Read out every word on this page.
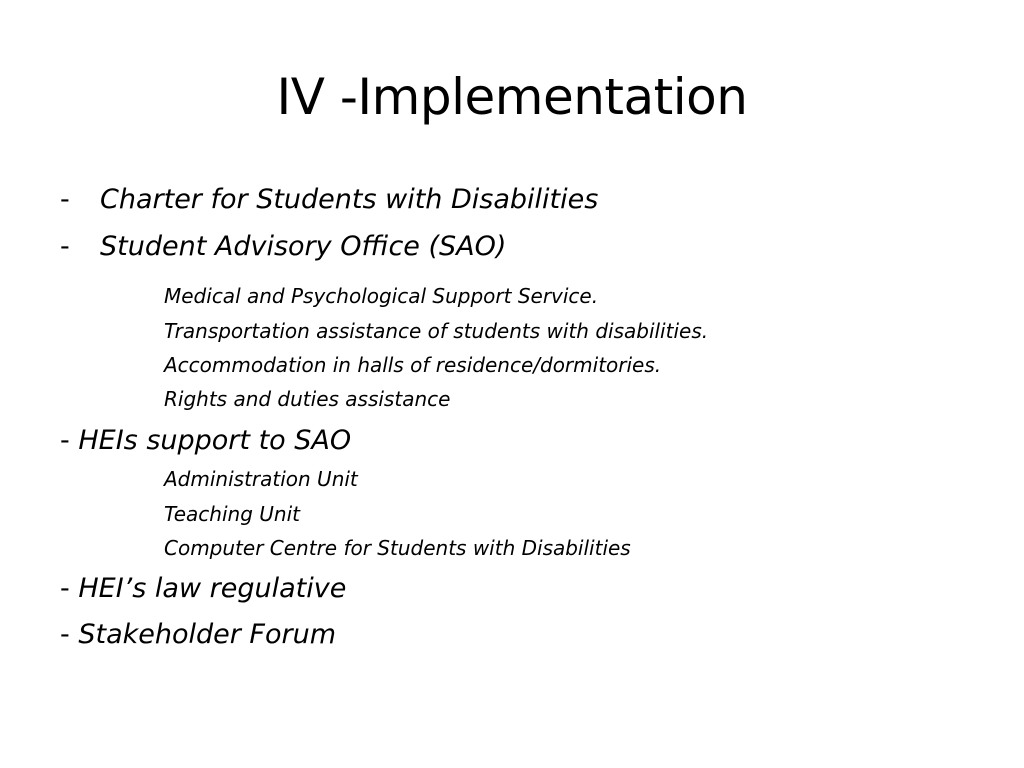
IV -Implementation
- Charter for Students with Disabilities
- Student Advisory Office (SAO)
Medical and Psychological Support Service.
Transportation assistance of students with disabilities.
Accommodation in halls of residence/dormitories.
Rights and duties assistance
- HEIs support to SAO
Administration Unit
Teaching Unit
Computer Centre for Students with Disabilities
- HEI’s law regulative
- Stakeholder Forum
